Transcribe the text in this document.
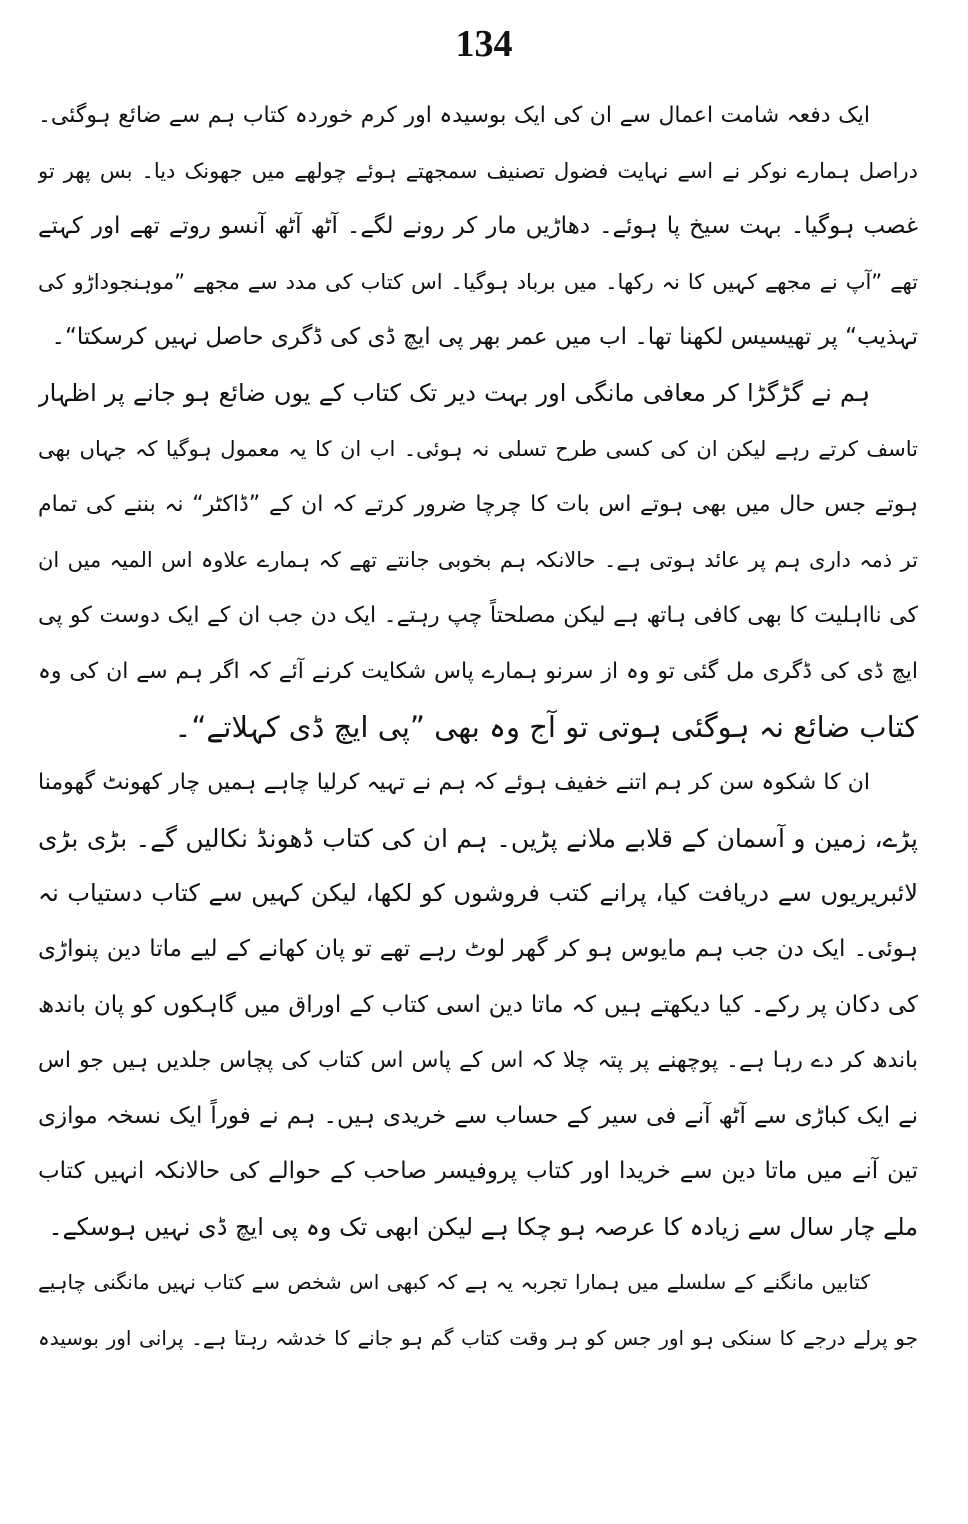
134
ایک دفعہ شامت اعمال سے ان کی ایک بوسیدہ اور کرم خوردہ کتاب ہم سے ضائع ہوگئی۔
دراصل ہمارے نوکر نے اسے نہایت فضول تصنیف سمجھتے ہوئے چولھے میں جھونک دیا۔ بس پھر تو
غصب ہوگیا۔ بہت سیخ پا ہوئے۔ دھاڑیں مار کر رونے لگے۔ آٹھ آٹھ آنسو روتے تھے اور کہتے
تھے ”آپ نے مجھے کہیں کا نہ رکھا۔ میں برباد ہوگیا۔ اس کتاب کی مدد سے مجھے ”موہنجوداڑو کی
تہذیب“ پر تھیسیس لکھنا تھا۔ اب میں عمر بھر پی ایچ ڈی کی ڈگری حاصل نہیں کرسکتا“۔
ہم نے گڑگڑا کر معافی مانگی اور بہت دیر تک کتاب کے یوں ضائع ہو جانے پر اظہار
تاسف کرتے رہے لیکن ان کی کسی طرح تسلی نہ ہوئی۔ اب ان کا یہ معمول ہوگیا کہ جہاں بھی
ہوتے جس حال میں بھی ہوتے اس بات کا چرچا ضرور کرتے کہ ان کے ”ڈاکٹر“ نہ بننے کی تمام
تر ذمہ داری ہم پر عائد ہوتی ہے۔ حالانکہ ہم بخوبی جانتے تھے کہ ہمارے علاوہ اس المیہ میں ان
کی نااہلیت کا بھی کافی ہاتھ ہے لیکن مصلحتاً چپ رہتے۔ ایک دن جب ان کے ایک دوست کو پی
ایچ ڈی کی ڈگری مل گئی تو وہ از سرنو ہمارے پاس شکایت کرنے آئے کہ اگر ہم سے ان کی وہ
کتاب ضائع نہ ہوگئی ہوتی تو آج وہ بھی ”پی ایچ ڈی کہلاتے“۔
ان کا شکوہ سن کر ہم اتنے خفیف ہوئے کہ ہم نے تہیہ کرلیا چاہے ہمیں چار کھونٹ گھومنا
پڑے، زمین و آسمان کے قلابے ملانے پڑیں۔ ہم ان کی کتاب ڈھونڈ نکالیں گے۔ بڑی بڑی
لائبریریوں سے دریافت کیا، پرانے کتب فروشوں کو لکھا، لیکن کہیں سے کتاب دستیاب نہ
ہوئی۔ ایک دن جب ہم مایوس ہو کر گھر لوٹ رہے تھے تو پان کھانے کے لیے ماتا دین پنواڑی
کی دکان پر رکے۔ کیا دیکھتے ہیں کہ ماتا دین اسی کتاب کے اوراق میں گاہکوں کو پان باندھ
باندھ کر دے رہا ہے۔ پوچھنے پر پتہ چلا کہ اس کے پاس اس کتاب کی پچاس جلدیں ہیں جو اس
نے ایک کباڑی سے آٹھ آنے فی سیر کے حساب سے خریدی ہیں۔ ہم نے فوراً ایک نسخہ موازی
تین آنے میں ماتا دین سے خریدا اور کتاب پروفیسر صاحب کے حوالے کی حالانکہ انہیں کتاب
ملے چار سال سے زیادہ کا عرصہ ہو چکا ہے لیکن ابھی تک وہ پی ایچ ڈی نہیں ہوسکے۔
کتابیں مانگنے کے سلسلے میں ہمارا تجربہ یہ ہے کہ کبھی اس شخص سے کتاب نہیں مانگنی چاہیے
جو پرلے درجے کا سنکی ہو اور جس کو ہر وقت کتاب گم ہو جانے کا خدشہ رہتا ہے۔ پرانی اور بوسیدہ
